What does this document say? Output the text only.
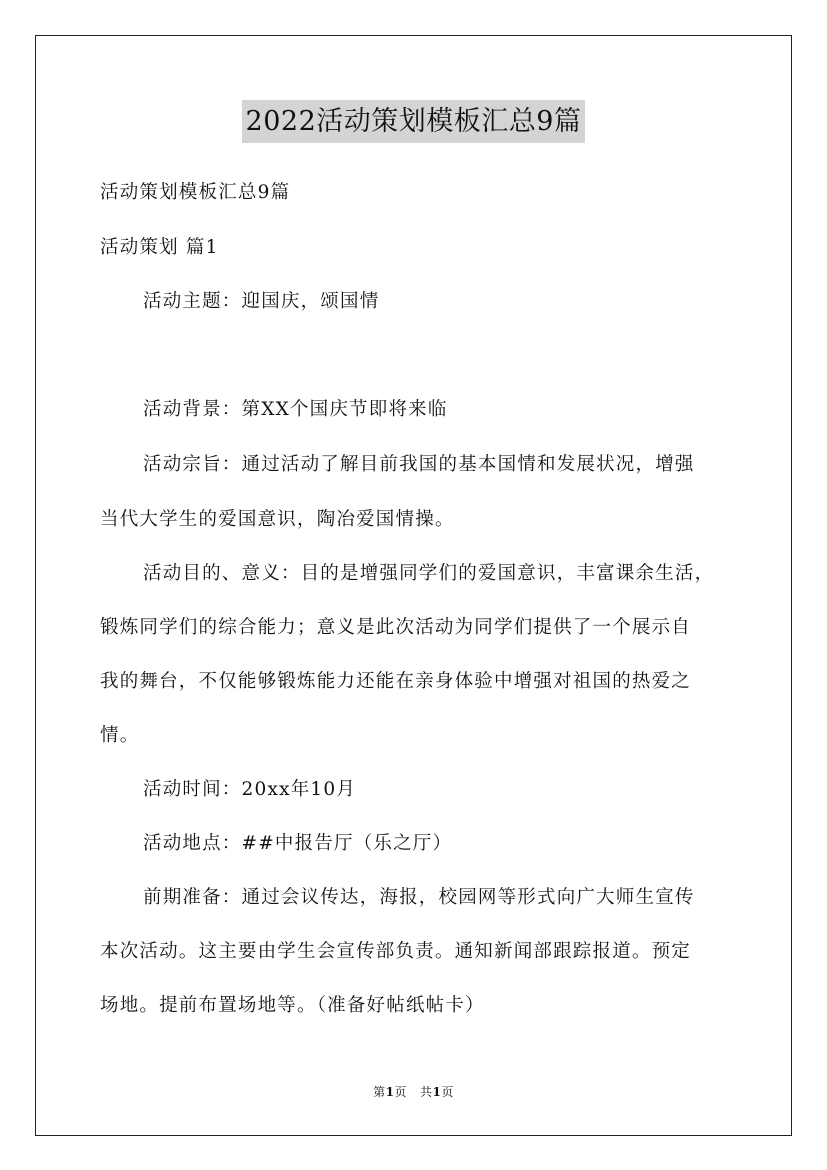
2022活动策划模板汇总9篇
活动策划模板汇总9篇
活动策划 篇1
活动主题：迎国庆，颂国情
活动背景：第XX个国庆节即将来临
活动宗旨：通过活动了解目前我国的基本国情和发展状况，增强
当代大学生的爱国意识，陶冶爱国情操。
活动目的、意义：目的是增强同学们的爱国意识，丰富课余生活，
锻炼同学们的综合能力；意义是此次活动为同学们提供了一个展示自
我的舞台，不仅能够锻炼能力还能在亲身体验中增强对祖国的热爱之
情。
活动时间：20xx年10月
活动地点：##中报告厅（乐之厅）
前期准备：通过会议传达，海报，校园网等形式向广大师生宣传
本次活动。这主要由学生会宣传部负责。通知新闻部跟踪报道。预定
场地。提前布置场地等。（准备好帖纸帖卡）
第1页 共1页
